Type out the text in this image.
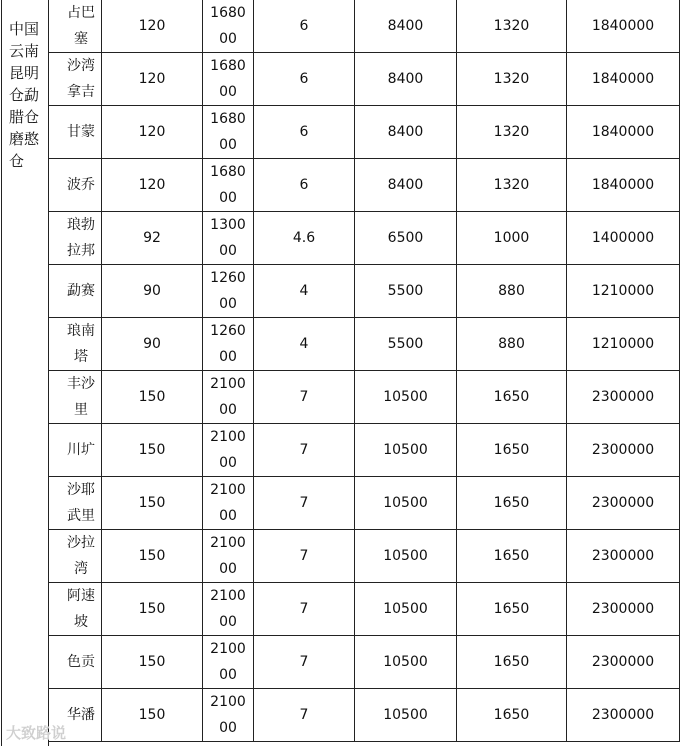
中国云南昆明仓勐腊仓磨憨仓
占巴塞	120	168000	6	8400	1320	1840000
沙湾拿吉	120	168000	6	8400	1320	1840000
甘蒙	120	168000	6	8400	1320	1840000
波乔	120	168000	6	8400	1320	1840000
琅勃拉邦	92	130000	4.6	6500	1000	1400000
勐赛	90	126000	4	5500	880	1210000
琅南塔	90	126000	4	5500	880	1210000
丰沙里	150	210000	7	10500	1650	2300000
川圹	150	210000	7	10500	1650	2300000
沙耶武里	150	210000	7	10500	1650	2300000
沙拉湾	150	210000	7	10500	1650	2300000
阿速坡	150	210000	7	10500	1650	2300000
色贡	150	210000	7	10500	1650	2300000
华潘	150	210000	7	10500	1650	2300000
大致路说
